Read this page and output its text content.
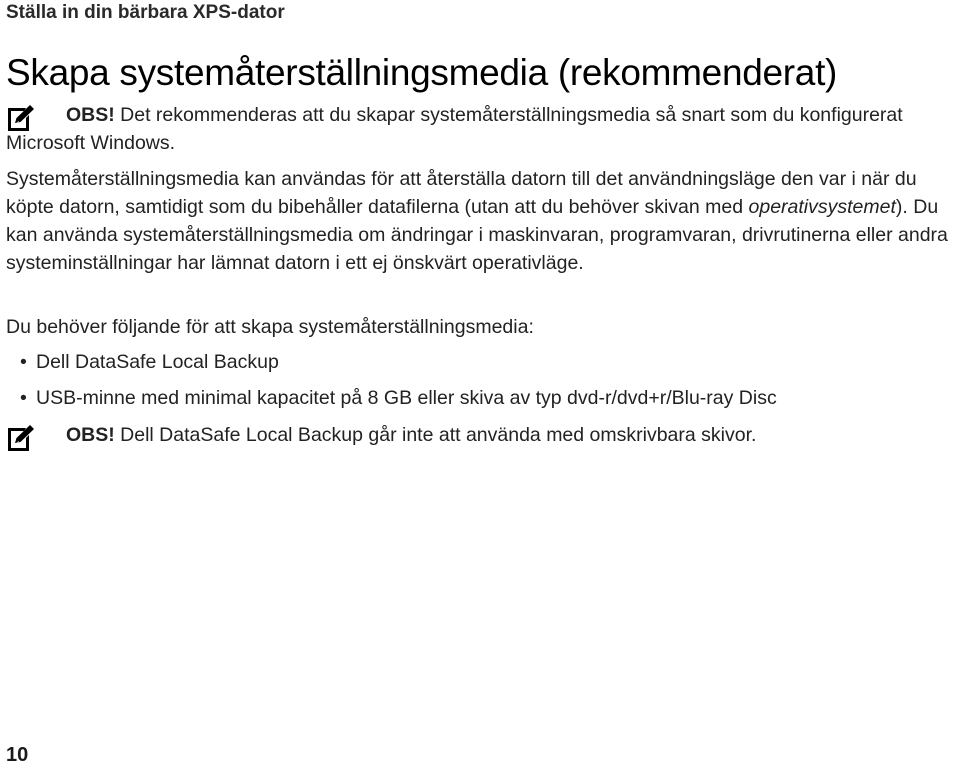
Ställa in din bärbara XPS-dator
Skapa systemåterställningsmedia (rekommenderat)
OBS! Det rekommenderas att du skapar systemåterställningsmedia så snart som du konfigurerat Microsoft Windows.

Systemåterställningsmedia kan användas för att återställa datorn till det användningsläge den var i när du köpte datorn, samtidigt som du bibehåller datafilerna (utan att du behöver skivan med operativsystemet). Du kan använda systemåterställningsmedia om ändringar i maskinvaran, programvaran, drivrutinerna eller andra systeminställningar har lämnat datorn i ett ej önskvärt operativläge.

Du behöver följande för att skapa systemåterställningsmedia:

• Dell DataSafe Local Backup
• USB-minne med minimal kapacitet på 8 GB eller skiva av typ dvd-r/dvd+r/Blu-ray Disc
OBS! Dell DataSafe Local Backup går inte att använda med omskrivbara skivor.
10
